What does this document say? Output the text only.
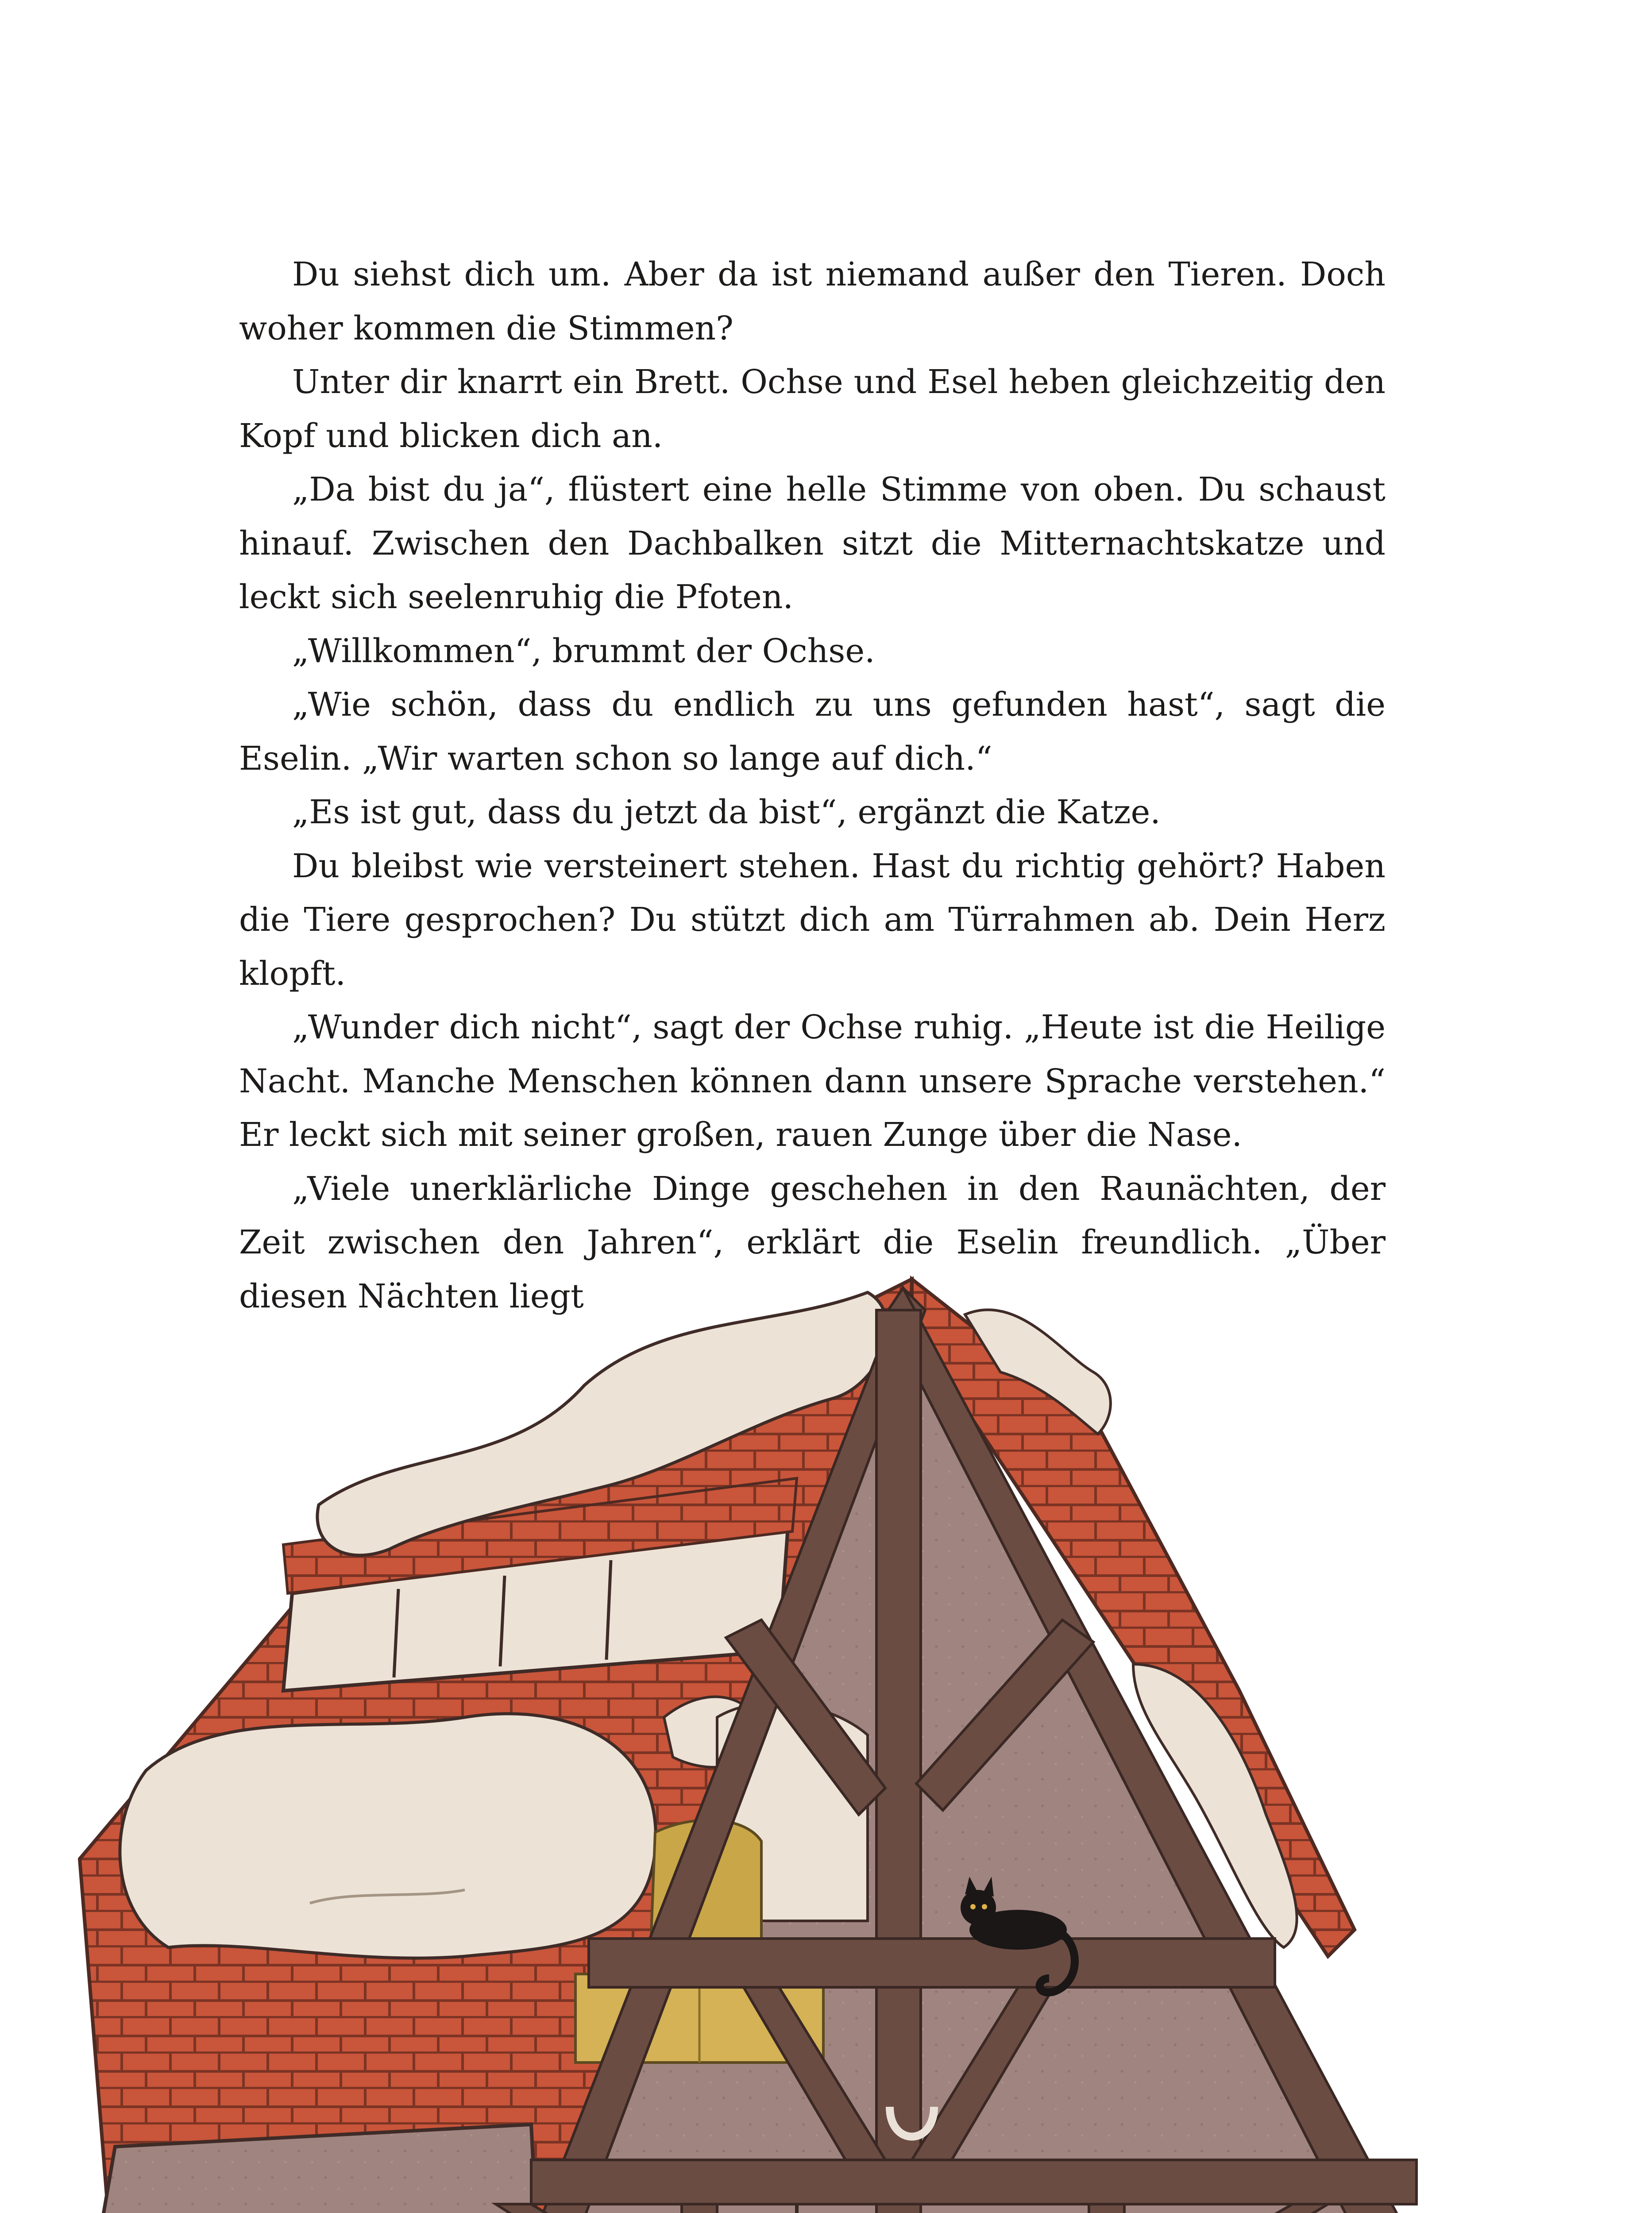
Du siehst dich um. Aber da ist niemand außer den Tieren. Doch woher kommen die Stimmen?

Unter dir knarrt ein Brett. Ochse und Esel heben gleichzeitig den Kopf und blicken dich an.

„Da bist du ja“, flüstert eine helle Stimme von oben. Du schaust hinauf. Zwischen den Dachbalken sitzt die Mitternachtskatze und leckt sich seelenruhig die Pfoten.

„Willkommen“, brummt der Ochse.

„Wie schön, dass du endlich zu uns gefunden hast“, sagt die Eselin. „Wir warten schon so lange auf dich.“

„Es ist gut, dass du jetzt da bist“, ergänzt die Katze.

Du bleibst wie versteinert stehen. Hast du richtig gehört? Haben die Tiere gesprochen? Du stützt dich am Türrahmen ab. Dein Herz klopft.

„Wunder dich nicht“, sagt der Ochse ruhig. „Heute ist die Heilige Nacht. Manche Menschen können dann unsere Sprache verstehen.“ Er leckt sich mit seiner großen, rauen Zunge über die Nase.

„Viele unerklärliche Dinge geschehen in den Raunächten, der Zeit zwischen den Jahren“, erklärt die Eselin freundlich. „Über diesen Nächten liegt
